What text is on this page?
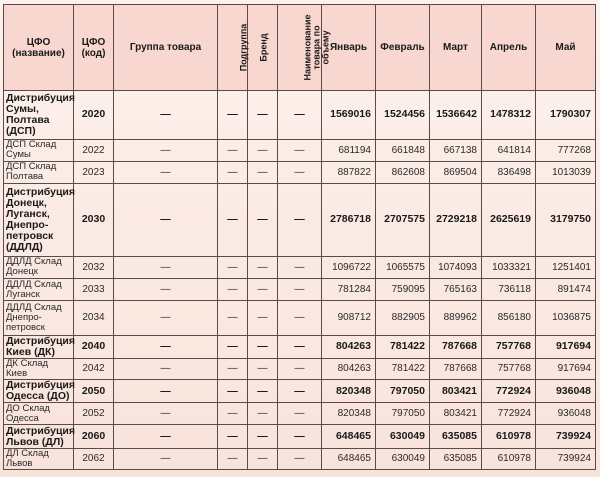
ЦФО (название)	ЦФО (код)	Группа товара	Подгруппа	Бренд	Наименование товара по объему	Январь	Февраль	Март	Апрель	Май
Дистрибуция Сумы, Полтава (ДСП)	2020	—	—	—	—	1569016	1524456	1536642	1478312	1790307
ДСП Склад Сумы	2022	—	—	—	—	681194	661848	667138	641814	777268
ДСП Склад Полтава	2023	—	—	—	—	887822	862608	869504	836498	1013039
Дистрибуция Донецк, Луганск, Днепро-петровск (ДДЛД)	2030	—	—	—	—	2786718	2707575	2729218	2625619	3179750
ДДЛД Склад Донецк	2032	—	—	—	—	1096722	1065575	1074093	1033321	1251401
ДДЛД Склад Луганск	2033	—	—	—	—	781284	759095	765163	736118	891474
ДДЛД Склад Днепро-петровск	2034	—	—	—	—	908712	882905	889962	856180	1036875
Дистрибуция Киев (ДК)	2040	—	—	—	—	804263	781422	787668	757768	917694
ДК Склад Киев	2042	—	—	—	—	804263	781422	787668	757768	917694
Дистрибуция Одесса (ДО)	2050	—	—	—	—	820348	797050	803421	772924	936048
ДО Склад Одесса	2052	—	—	—	—	820348	797050	803421	772924	936048
Дистрибуция Львов (ДЛ)	2060	—	—	—	—	648465	630049	635085	610978	739924
ДЛ Склад Львов	2062	—	—	—	—	648465	630049	635085	610978	739924
